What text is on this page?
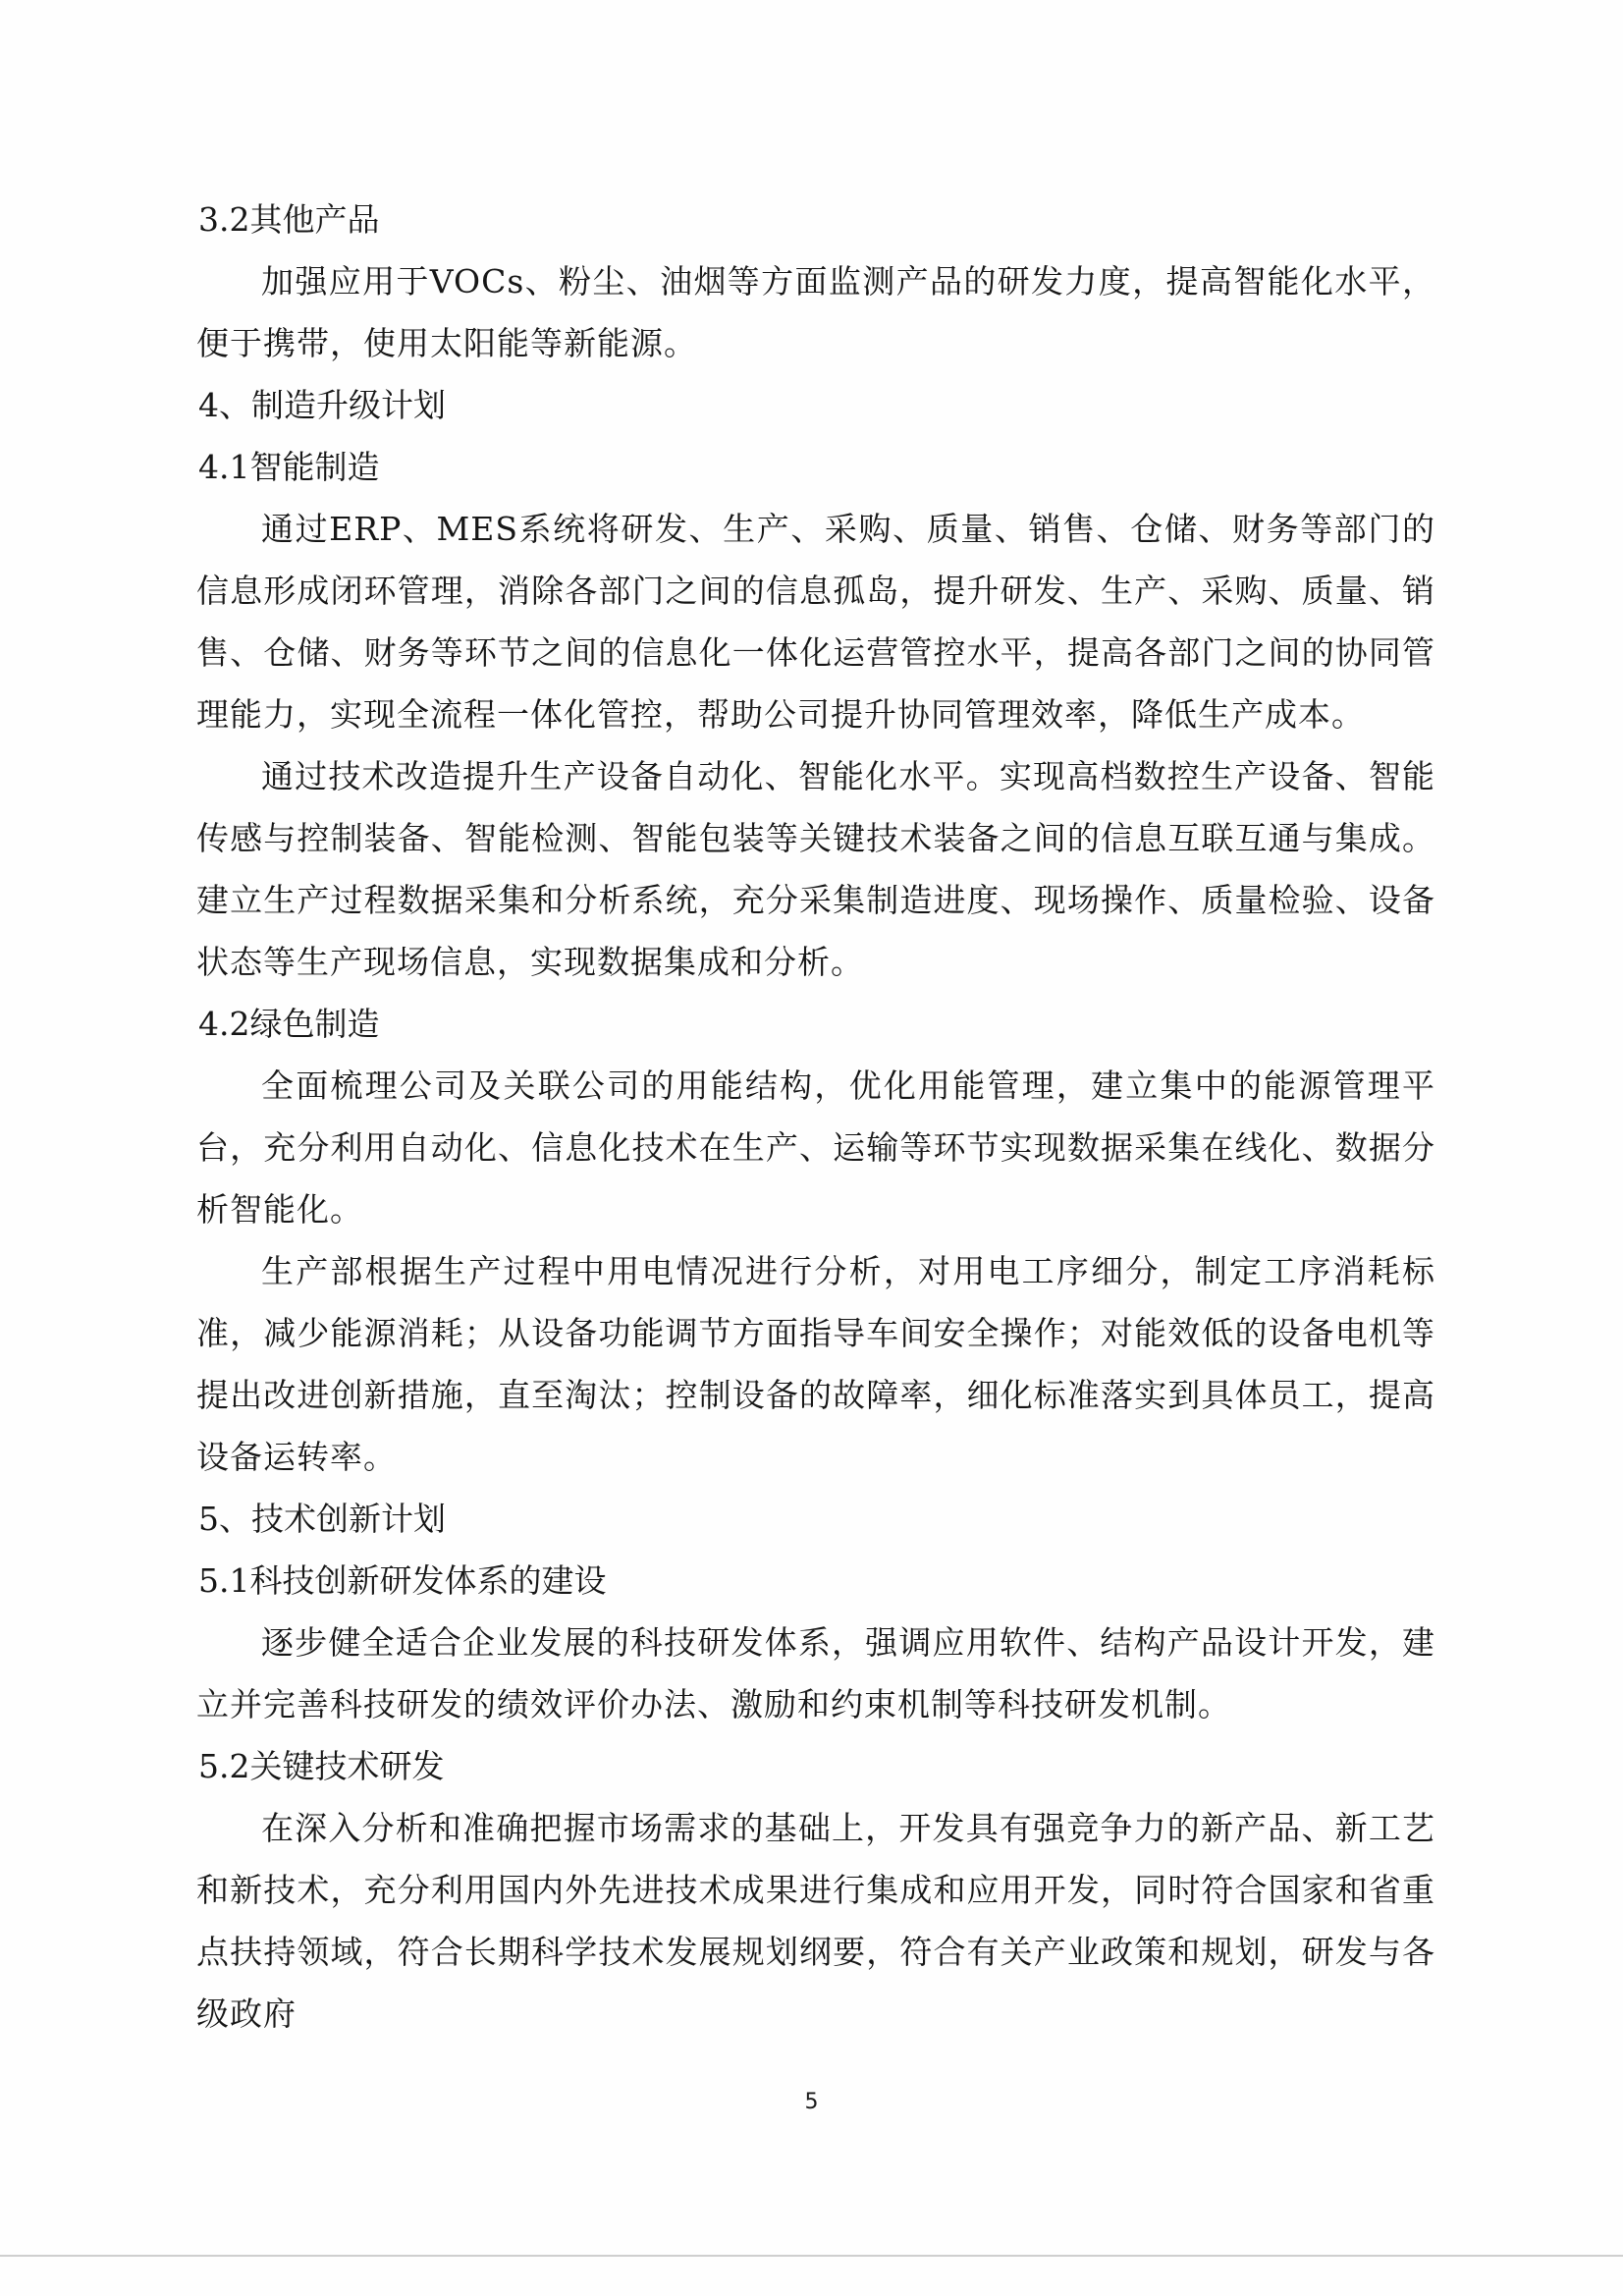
3.2其他产品

加强应用于VOCs、粉尘、油烟等方面监测产品的研发力度，提高智能化水平，便于携带，使用太阳能等新能源。

4、制造升级计划

4.1智能制造

通过ERP、MES系统将研发、生产、采购、质量、销售、仓储、财务等部门的信息形成闭环管理，消除各部门之间的信息孤岛，提升研发、生产、采购、质量、销售、仓储、财务等环节之间的信息化一体化运营管控水平，提高各部门之间的协同管理能力，实现全流程一体化管控，帮助公司提升协同管理效率，降低生产成本。

通过技术改造提升生产设备自动化、智能化水平。实现高档数控生产设备、智能传感与控制装备、智能检测、智能包装等关键技术装备之间的信息互联互通与集成。建立生产过程数据采集和分析系统，充分采集制造进度、现场操作、质量检验、设备状态等生产现场信息，实现数据集成和分析。

4.2绿色制造

全面梳理公司及关联公司的用能结构，优化用能管理，建立集中的能源管理平台，充分利用自动化、信息化技术在生产、运输等环节实现数据采集在线化、数据分析智能化。

生产部根据生产过程中用电情况进行分析，对用电工序细分，制定工序消耗标准，减少能源消耗；从设备功能调节方面指导车间安全操作；对能效低的设备电机等提出改进创新措施，直至淘汰；控制设备的故障率，细化标准落实到具体员工，提高设备运转率。

5、技术创新计划

5.1科技创新研发体系的建设

逐步健全适合企业发展的科技研发体系，强调应用软件、结构产品设计开发，建立并完善科技研发的绩效评价办法、激励和约束机制等科技研发机制。

5.2关键技术研发

在深入分析和准确把握市场需求的基础上，开发具有强竞争力的新产品、新工艺和新技术，充分利用国内外先进技术成果进行集成和应用开发，同时符合国家和省重点扶持领域，符合长期科学技术发展规划纲要，符合有关产业政策和规划，研发与各级政府

5
